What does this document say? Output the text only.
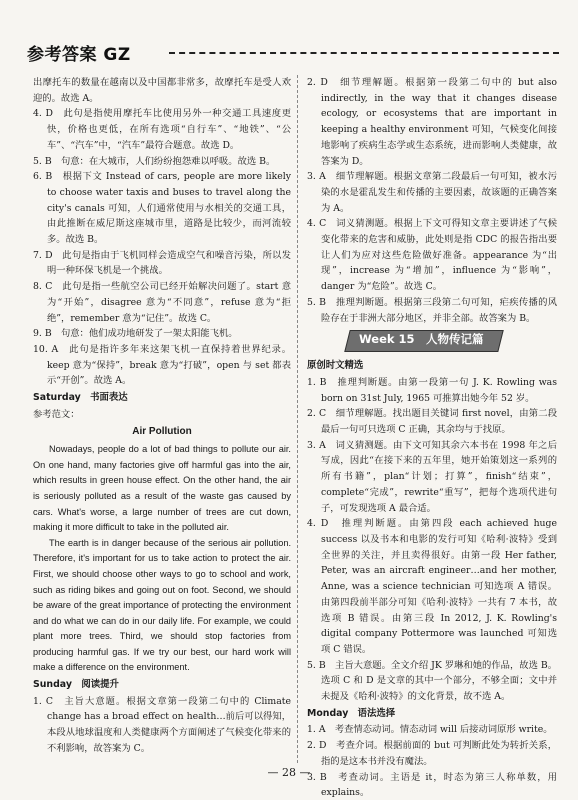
参考答案 GZ

出摩托车的数量在越南以及中国都非常多，故摩托车是受人欢迎的。故选 A。

4. D　此句是指使用摩托车比使用另外一种交通工具速度更快，价格也更低，在所有选项“自行车”、“地铁”、“公车”、“汽车”中，“汽车”最符合题意。故选 D。

5. B　句意：在大城市，人们纷纷抱怨难以呼吸。故选 B。

6. B　根据下文 Instead of cars, people are more likely to choose water taxis and buses to travel along the city's canals 可知，人们通常使用与水相关的交通工具，由此推断在威尼斯这座城市里，道路是比较少，而河流较多。故选 B。

7. D　此句是指由于飞机同样会造成空气和噪音污染，所以发明一种环保飞机是一个挑战。

8. C　此句是指一些航空公司已经开始解决问题了。start 意为“开始”，disagree 意为“不同意”，refuse 意为“拒绝”，remember 意为“记住”。故选 C。

9. B　句意：他们成功地研发了一架太阳能飞机。

10. A　此句是指许多年来这架飞机一直保持着世界纪录。keep 意为“保持”，break 意为“打破”，open 与 set 都表示“开创”。故选 A。

Saturday　书面表达

参考范文：

Air Pollution

Nowadays, people do a lot of bad things to pollute our air. On one hand, many factories give off harmful gas into the air, which results in green house effect. On the other hand, the air is seriously polluted as a result of the waste gas caused by cars. What's worse, a large number of trees are cut down, making it more difficult to take in the polluted air.

The earth is in danger because of the serious air pollution. Therefore, it's important for us to take action to protect the air. First, we should choose other ways to go to school and work, such as riding bikes and going out on foot. Second, we should be aware of the great importance of protecting the environment and do what we can do in our daily life. For example, we could plant more trees. Third, we should stop factories from producing harmful gas. If we try our best, our hard work will make a difference on the environment.

Sunday　阅读提升

1. C　主旨大意题。根据文章第一段第二句中的 Climate change has a broad effect on health…前后可以得知，本段从地球温度和人类健康两个方面阐述了气候变化带来的不利影响，故答案为 C。

2. D　细节理解题。根据第一段第二句中的 but also indirectly, in the way that it changes disease ecology, or ecosystems that are important in keeping a healthy environment 可知，气候变化间接地影响了疾病生态学或生态系统，进而影响人类健康，故答案为 D。

3. A　细节理解题。根据文章第二段最后一句可知，被水污染的水是霍乱发生和传播的主要因素，故该题的正确答案为 A。

4. C　词义猜测题。根据上下文可得知文章主要讲述了气候变化带来的危害和威胁，此处则是指 CDC 的报告指出要让人们为应对这些危险做好准备。appearance 为“出现”，increase 为“增加”，influence 为“影响”，danger 为“危险”。故选 C。

5. B　推理判断题。根据第三段第二句可知，疟疾传播的风险存在于非洲大部分地区，并非全部。故答案为 B。

Week 15　人物传记篇

原创时文精选

1. B　推理判断题。由第一段第一句 J. K. Rowling was born on 31st July, 1965 可推算出她今年 52 岁。

2. C　细节理解题。找出题目关键词 first novel，由第二段最后一句可只选项 C 正确，其余均与于找原。

3. A　词义猜测题。由下文可知其余六本书在 1998 年之后写成，因此“在接下来的五年里，她开始策划这一系列的所有书籍”，plan“计划；打算”，finish“结束”，complete“完成”，rewrite“重写”，把每个选项代进句子，可发现选项 A 最合适。

4. D　推理判断题。由第四段 each achieved huge success 以及书本和电影的发行可知《哈利·波特》受到全世界的关注，并且卖得很好。由第一段 Her father, Peter, was an aircraft engineer…and her mother, Anne, was a science technician 可知选项 A 错误。由第四段前半部分可知《哈利·波特》一共有 7 本书，故选项 B 错误。由第三段 In 2012, J. K. Rowling's digital company Pottermore was launched 可知选项 C 错误。

5. B　主旨大意题。全文介绍 JK 罗琳和她的作品，故选 B。选项 C 和 D 是文章的其中一个部分，不够全面；文中并未提及《哈利·波特》的文化背景，故不选 A。

Monday　语法选择

1. A　考查情态动词。情态动词 will 后接动词原形 write。

2. D　考查介词。根据前面的 but 可判断此处为转折关系，指的是这本书并没有魔法。

3. B　考查动词。主语是 it，时态为第三人称单数，用 explains。

— 28 —
